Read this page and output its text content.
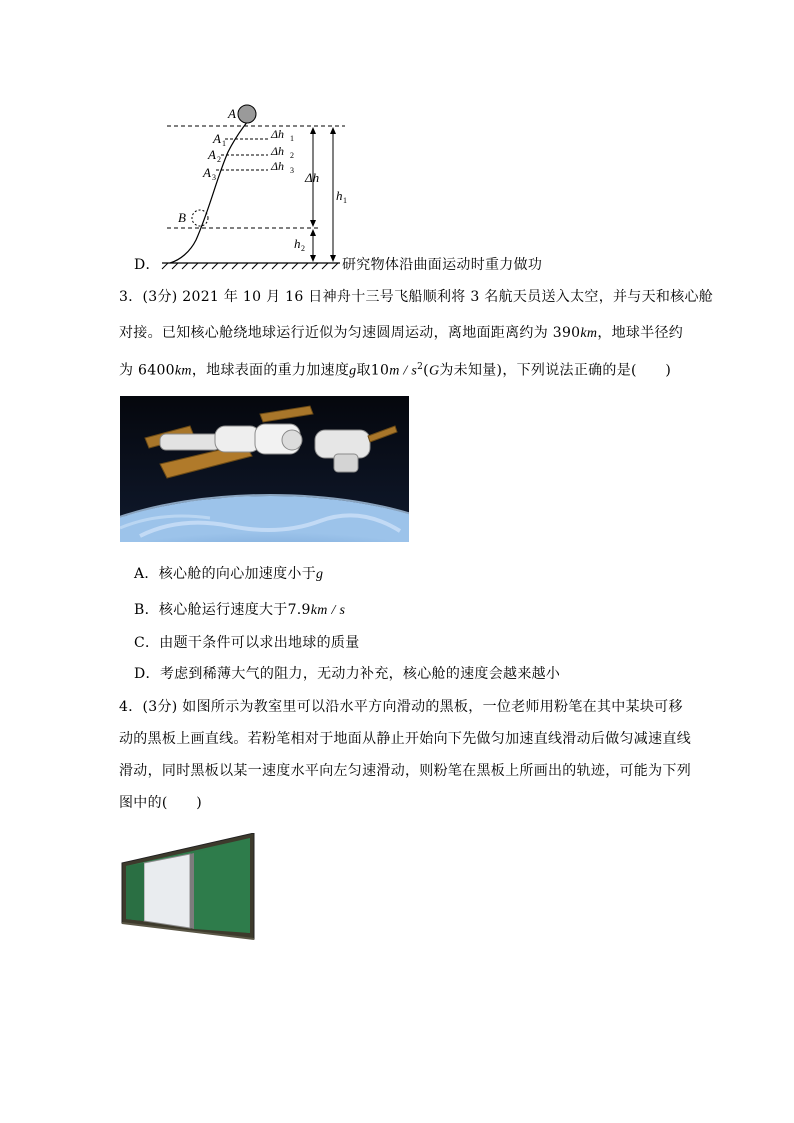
A
A 1
A 2
A 3
B
Δh 1
Δh 2
Δh 3 Δh
h 1
h 2
D．	研究物体沿曲面运动时重力做功
3．(3分) 2021 年 10 月 16 日神舟十三号飞船顺利将 3 名航天员送入太空，并与天和核心舱
对接。已知核心舱绕地球运行近似为匀速圆周运动，离地面距离约为 390km，地球半径约
为 6400km，地球表面的重力加速度g取$10m / s^2(G$为未知量)，下列说法正确的是(　　)
A．核心舱的向心加速度小于g
B．核心舱运行速度大于7.9km / s
C．由题干条件可以求出地球的质量
D．考虑到稀薄大气的阻力，无动力补充，核心舱的速度会越来越小
4．(3分) 如图所示为教室里可以沿水平方向滑动的黑板，一位老师用粉笔在其中某块可移
动的黑板上画直线。若粉笔相对于地面从静止开始向下先做匀加速直线滑动后做匀减速直线
滑动，同时黑板以某一速度水平向左匀速滑动，则粉笔在黑板上所画出的轨迹，可能为下列
图中的(　　)
